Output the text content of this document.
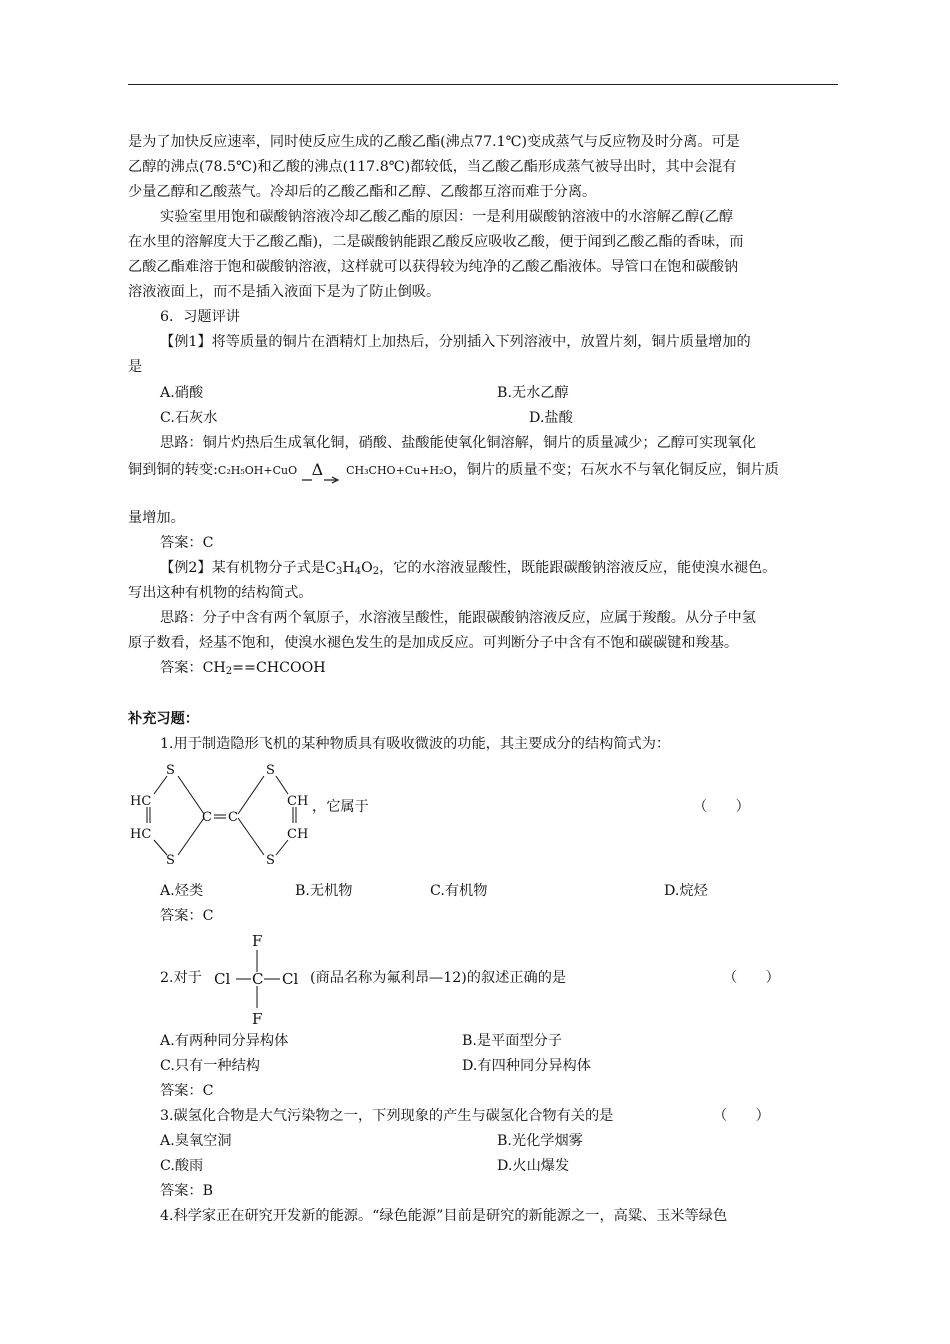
是为了加快反应速率，同时使反应生成的乙酸乙酯(沸点77.1℃)变成蒸气与反应物及时分离。可是
乙醇的沸点(78.5℃)和乙酸的沸点(117.8℃)都较低，当乙酸乙酯形成蒸气被导出时，其中会混有
少量乙醇和乙酸蒸气。冷却后的乙酸乙酯和乙醇、乙酸都互溶而难于分离。
实验室里用饱和碳酸钠溶液冷却乙酸乙酯的原因：一是利用碳酸钠溶液中的水溶解乙醇(乙醇
在水里的溶解度大于乙酸乙酯)，二是碳酸钠能跟乙酸反应吸收乙酸，便于闻到乙酸乙酯的香味，而
乙酸乙酯难溶于饱和碳酸钠溶液，这样就可以获得较为纯净的乙酸乙酯液体。导管口在饱和碳酸钠
溶液液面上，而不是插入液面下是为了防止倒吸。
6．习题评讲
【例1】将等质量的铜片在酒精灯上加热后，分别插入下列溶液中，放置片刻，铜片质量增加的
是
A.硝酸	B.无水乙醇
C.石灰水	D.盐酸
思路：铜片灼热后生成氧化铜，硝酸、盐酸能使氧化铜溶解，铜片的质量减少；乙醇可实现氧化
铜到铜的转变:C₂H₅OH+CuO Δ CH₃CHO+Cu+H₂O，铜片的质量不变；石灰水不与氧化铜反应，铜片质
量增加。
答案：C
【例2】某有机物分子式是$C_3H_4O_2$，它的水溶液显酸性，既能跟碳酸钠溶液反应，能使溴水褪色。
写出这种有机物的结构简式。
思路：分子中含有两个氧原子，水溶液呈酸性，能跟碳酸钠溶液反应，应属于羧酸。从分子中氢
原子数看，烃基不饱和，使溴水褪色发生的是加成反应。可判断分子中含有不饱和碳碳键和羧基。
答案：$CH_2==CHCOOH$
补充习题：
1.用于制造隐形飞机的某种物质具有吸收微波的功能，其主要成分的结构简式为：
S	S
HC
HC
C C
CH
CH
S	S
，它属于	（　　）
A.烃类	B.无机物	C.有机物	D.烷烃
答案：C
2.对于
F
Cl C Cl
F
(商品名称为氟利昂—12)的叙述正确的是	（　　）
A.有两种同分异构体	B.是平面型分子
C.只有一种结构	D.有四种同分异构体
答案：C
3.碳氢化合物是大气污染物之一，下列现象的产生与碳氢化合物有关的是	（　　）
A.臭氧空洞	B.光化学烟雾
C.酸雨	D.火山爆发
答案：B
4.科学家正在研究开发新的能源。“绿色能源”目前是研究的新能源之一，高粱、玉米等绿色
